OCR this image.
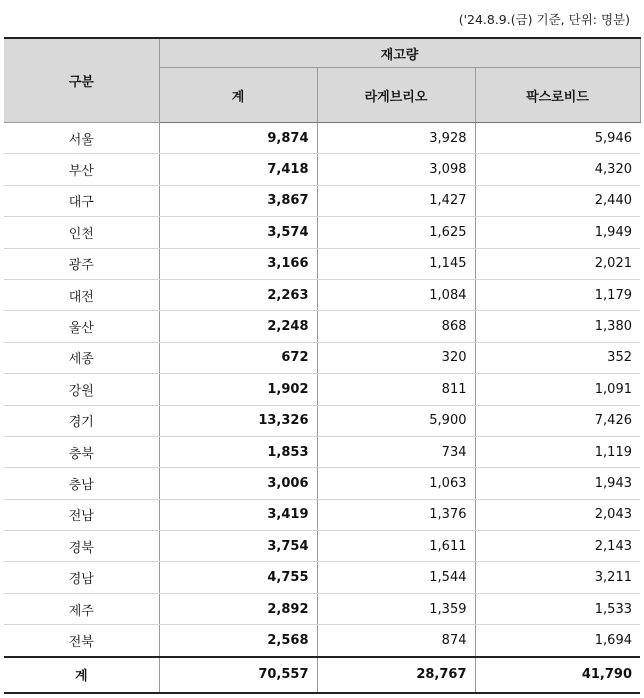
('24.8.9.(금) 기준, 단위: 명분)
구분	재고량		
	계	라게브리오	팍스로비드
서울	9,874	3,928	5,946
부산	7,418	3,098	4,320
대구	3,867	1,427	2,440
인천	3,574	1,625	1,949
광주	3,166	1,145	2,021
대전	2,263	1,084	1,179
울산	2,248	868	1,380
세종	672	320	352
강원	1,902	811	1,091
경기	13,326	5,900	7,426
충북	1,853	734	1,119
충남	3,006	1,063	1,943
전남	3,419	1,376	2,043
경북	3,754	1,611	2,143
경남	4,755	1,544	3,211
제주	2,892	1,359	1,533
전북	2,568	874	1,694
계	70,557	28,767	41,790
